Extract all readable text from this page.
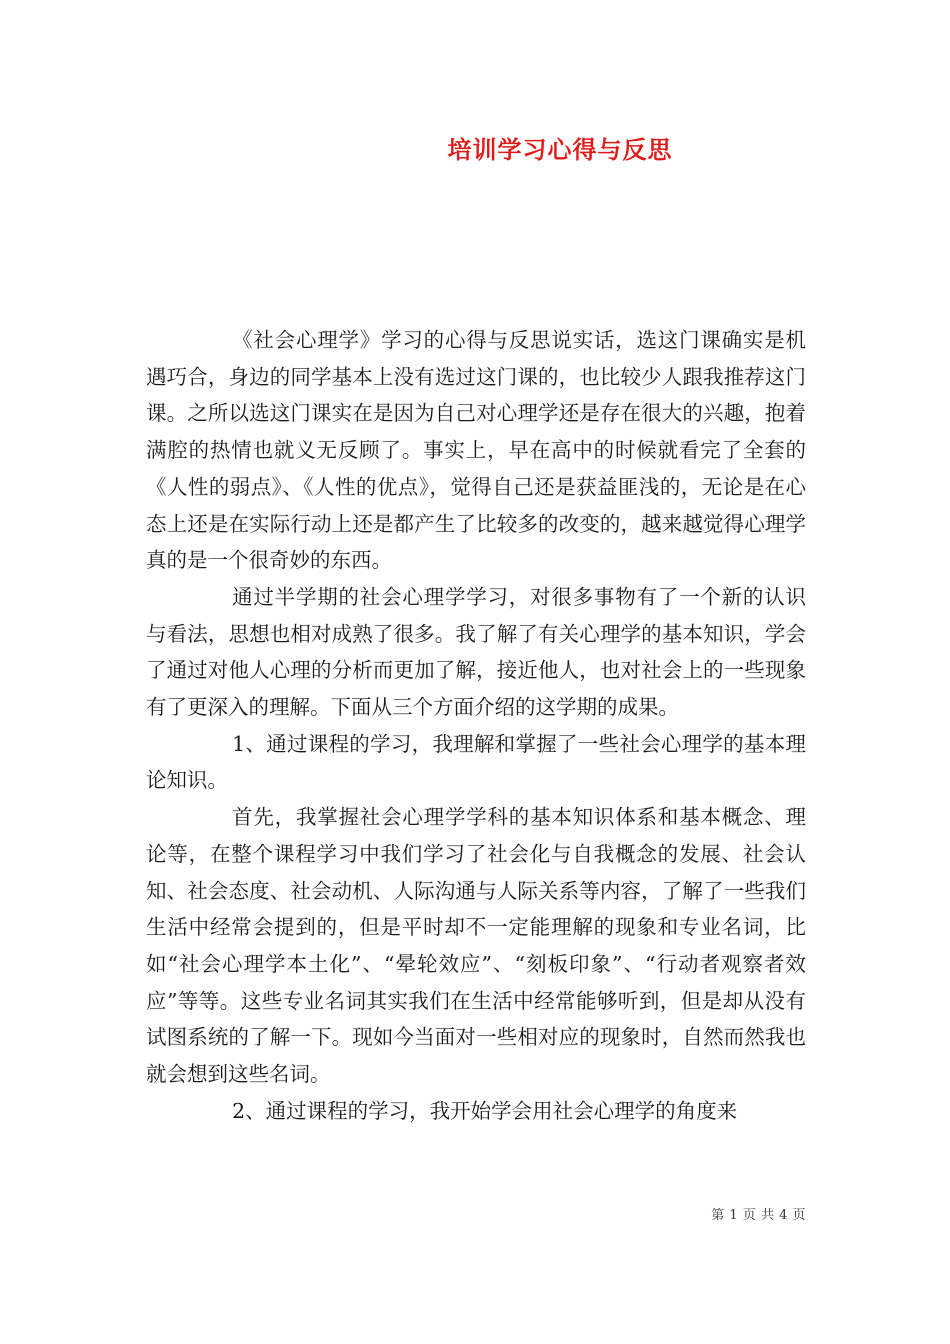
培训学习心得与反思

《社会心理学》学习的心得与反思说实话，选这门课确实是机遇巧合，身边的同学基本上没有选过这门课的，也比较少人跟我推荐这门课。之所以选这门课实在是因为自己对心理学还是存在很大的兴趣，抱着满腔的热情也就义无反顾了。事实上，早在高中的时候就看完了全套的《人性的弱点》、《人性的优点》，觉得自己还是获益匪浅的，无论是在心态上还是在实际行动上还是都产生了比较多的改变的，越来越觉得心理学真的是一个很奇妙的东西。

通过半学期的社会心理学学习，对很多事物有了一个新的认识与看法，思想也相对成熟了很多。我了解了有关心理学的基本知识，学会了通过对他人心理的分析而更加了解，接近他人，也对社会上的一些现象有了更深入的理解。下面从三个方面介绍的这学期的成果。

1、通过课程的学习，我理解和掌握了一些社会心理学的基本理论知识。

首先，我掌握社会心理学学科的基本知识体系和基本概念、理论等，在整个课程学习中我们学习了社会化与自我概念的发展、社会认知、社会态度、社会动机、人际沟通与人际关系等内容，了解了一些我们生活中经常会提到的，但是平时却不一定能理解的现象和专业名词，比如“社会心理学本土化”、“晕轮效应”、“刻板印象”、“行动者观察者效应”等等。这些专业名词其实我们在生活中经常能够听到，但是却从没有试图系统的了解一下。现如今当面对一些相对应的现象时，自然而然我也就会想到这些名词。

2、通过课程的学习，我开始学会用社会心理学的角度来

第 1 页 共 4 页
